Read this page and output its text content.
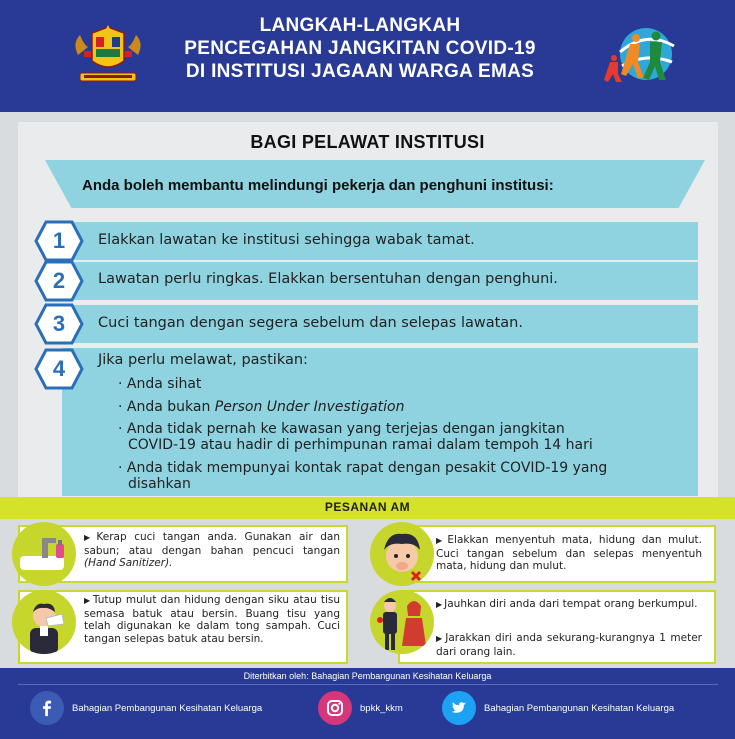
LANGKAH-LANGKAH
PENCEGAHAN JANGKITAN COVID-19
DI INSTITUSI JAGAAN WARGA EMAS
BAGI PELAWAT INSTITUSI
Anda boleh membantu melindungi pekerja dan penghuni institusi:
1	Elakkan lawatan ke institusi sehingga wabak tamat.
2	Lawatan perlu ringkas. Elakkan bersentuhan dengan penghuni.
3	Cuci tangan dengan segera sebelum dan selepas lawatan.
4	Jika perlu melawat, pastikan:
· Anda sihat
· Anda bukan Person Under Investigation
· Anda tidak pernah ke kawasan yang terjejas dengan jangkitan
COVID-19 atau hadir di perhimpunan ramai dalam tempoh 14 hari
· Anda tidak mempunyai kontak rapat dengan pesakit COVID-19 yang
disahkan
PESANAN AM
▶ Kerap cuci tangan anda. Gunakan air dan sabun; atau dengan bahan pencuci tangan (Hand Sanitizer).
▶ Elakkan menyentuh mata, hidung dan mulut. Cuci tangan sebelum dan selepas menyentuh mata, hidung dan mulut.
▶ Tutup mulut dan hidung dengan siku atau tisu semasa batuk atau bersin. Buang tisu yang telah digunakan ke dalam tong sampah. Cuci tangan selepas batuk atau bersin.
▶ Jauhkan diri anda dari tempat orang berkumpul.
▶ Jarakkan diri anda sekurang-kurangnya 1 meter dari orang lain.
Diterbitkan oleh: Bahagian Pembangunan Kesihatan Keluarga
Bahagian Pembangunan Kesihatan Keluarga	bpkk_kkm	Bahagian Pembangunan Kesihatan Keluarga
